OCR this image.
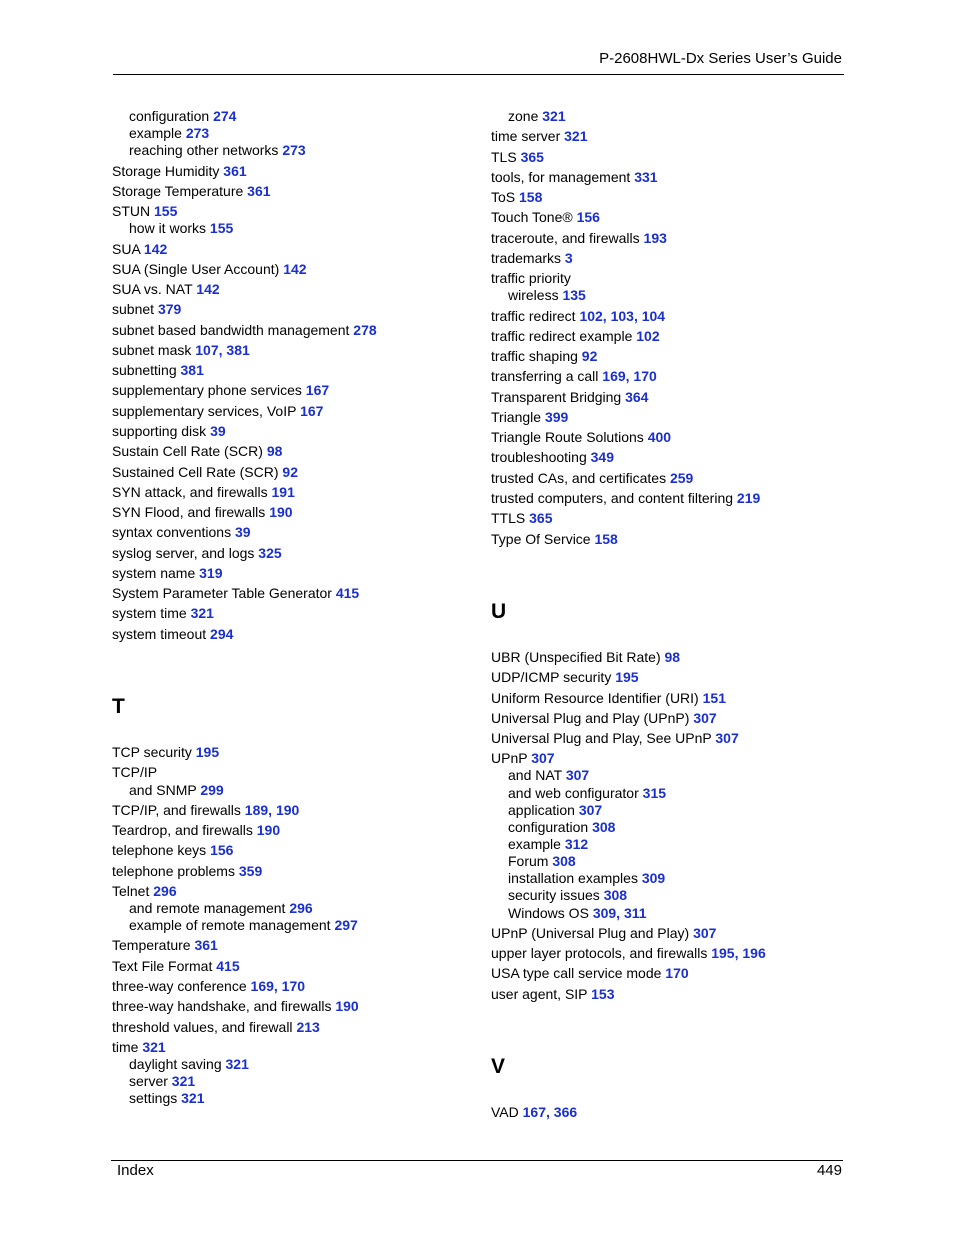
P-2608HWL-Dx Series User’s Guide
T
U
V
configuration 274
example 273
reaching other networks 273
Storage Humidity 361
Storage Temperature 361
STUN 155
how it works 155
SUA 142
SUA (Single User Account) 142
SUA vs. NAT 142
subnet 379
subnet based bandwidth management 278
subnet mask 107, 381
subnetting 381
supplementary phone services 167
supplementary services, VoIP 167
supporting disk 39
Sustain Cell Rate (SCR) 98
Sustained Cell Rate (SCR) 92
SYN attack, and firewalls 191
SYN Flood, and firewalls 190
syntax conventions 39
syslog server, and logs 325
system name 319
System Parameter Table Generator 415
system time 321
system timeout 294
TCP security 195
TCP/IP
and SNMP 299
TCP/IP, and firewalls 189, 190
Teardrop, and firewalls 190
telephone keys 156
telephone problems 359
Telnet 296
and remote management 296
example of remote management 297
Temperature 361
Text File Format 415
three-way conference 169, 170
three-way handshake, and firewalls 190
threshold values, and firewall 213
time 321
daylight saving 321
server 321
settings 321
zone 321
time server 321
TLS 365
tools, for management 331
ToS 158
Touch Tone® 156
traceroute, and firewalls 193
trademarks 3
traffic priority
wireless 135
traffic redirect 102, 103, 104
traffic redirect example 102
traffic shaping 92
transferring a call 169, 170
Transparent Bridging 364
Triangle 399
Triangle Route Solutions 400
troubleshooting 349
trusted CAs, and certificates 259
trusted computers, and content filtering 219
TTLS 365
Type Of Service 158
UBR (Unspecified Bit Rate) 98
UDP/ICMP security 195
Uniform Resource Identifier (URI) 151
Universal Plug and Play (UPnP) 307
Universal Plug and Play, See UPnP 307
UPnP 307
and NAT 307
and web configurator 315
application 307
configuration 308
example 312
Forum 308
installation examples 309
security issues 308
Windows OS 309, 311
UPnP (Universal Plug and Play) 307
upper layer protocols, and firewalls 195, 196
USA type call service mode 170
user agent, SIP 153
VAD 167, 366
Index	449
